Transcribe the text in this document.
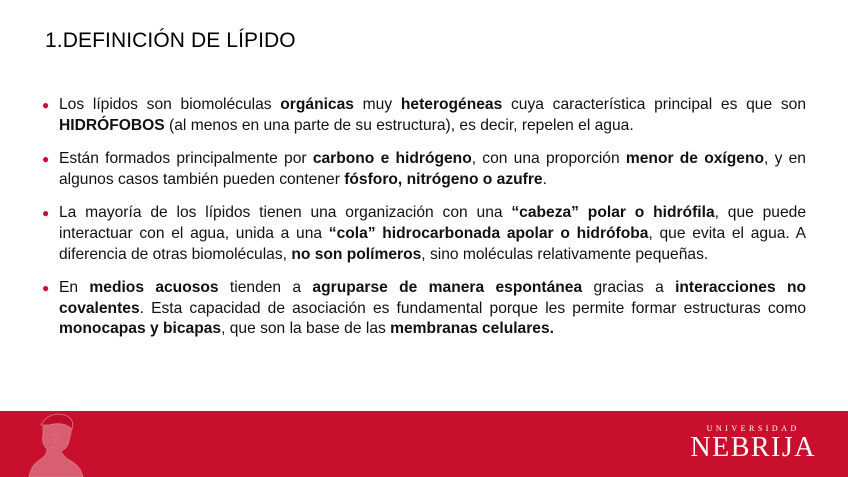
1.DEFINICIÓN DE LÍPIDO
● Los lípidos son biomoléculas orgánicas muy heterogéneas cuya característica principal es que son HIDRÓFOBOS (al menos en una parte de su estructura), es decir, repelen el agua.
● Están formados principalmente por carbono e hidrógeno, con una proporción menor de oxígeno, y en algunos casos también pueden contener fósforo, nitrógeno o azufre.
● La mayoría de los lípidos tienen una organización con una “cabeza” polar o hidrófila, que puede interactuar con el agua, unida a una “cola” hidrocarbonada apolar o hidrófoba, que evita el agua. A diferencia de otras biomoléculas, no son polímeros, sino moléculas relativamente pequeñas.
● En medios acuosos tienden a agruparse de manera espontánea gracias a interacciones no covalentes. Esta capacidad de asociación es fundamental porque les permite formar estructuras como monocapas y bicapas, que son la base de las membranas celulares.
UNIVERSIDAD
NEBRIJA
